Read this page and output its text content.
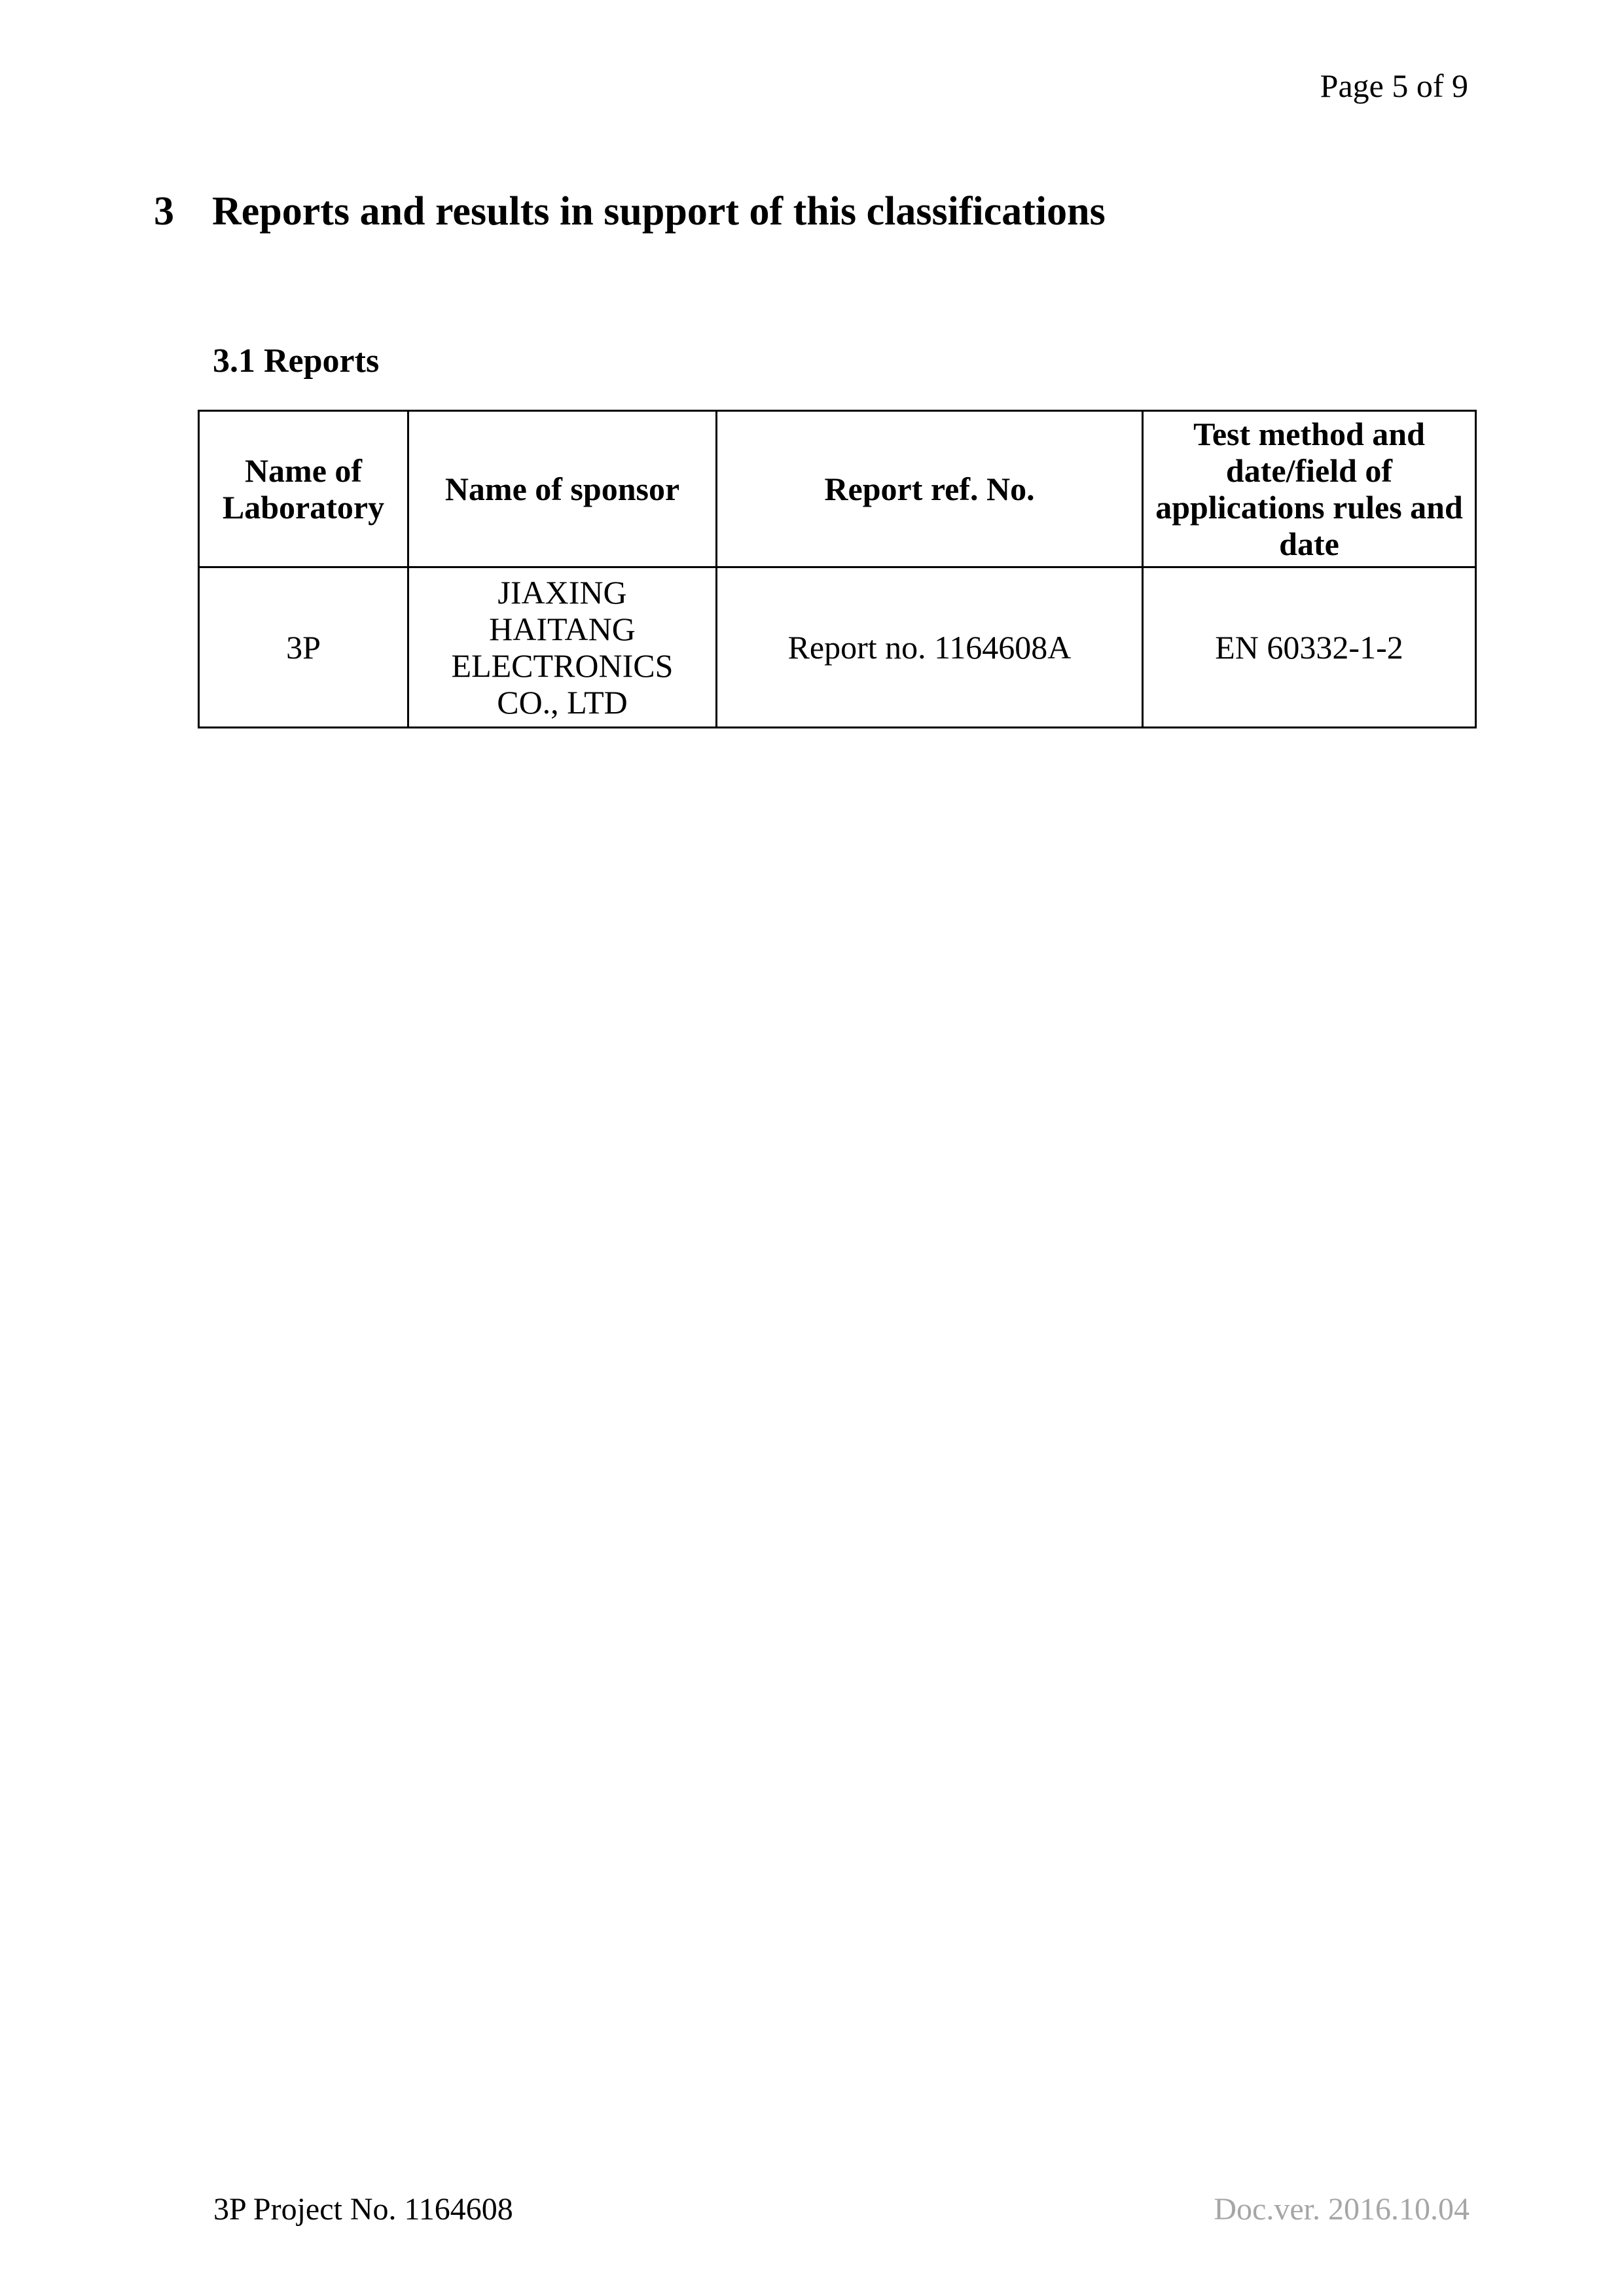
Page 5 of 9
3 Reports and results in support of this classifications
3.1 Reports
Name of Laboratory	Name of sponsor	Report ref. No.	Test method and date/field of applications rules and date
3P	JIAXING HAITANG ELECTRONICS CO., LTD	Report no. 1164608A	EN 60332-1-2
3P Project No. 1164608	Doc.ver. 2016.10.04
